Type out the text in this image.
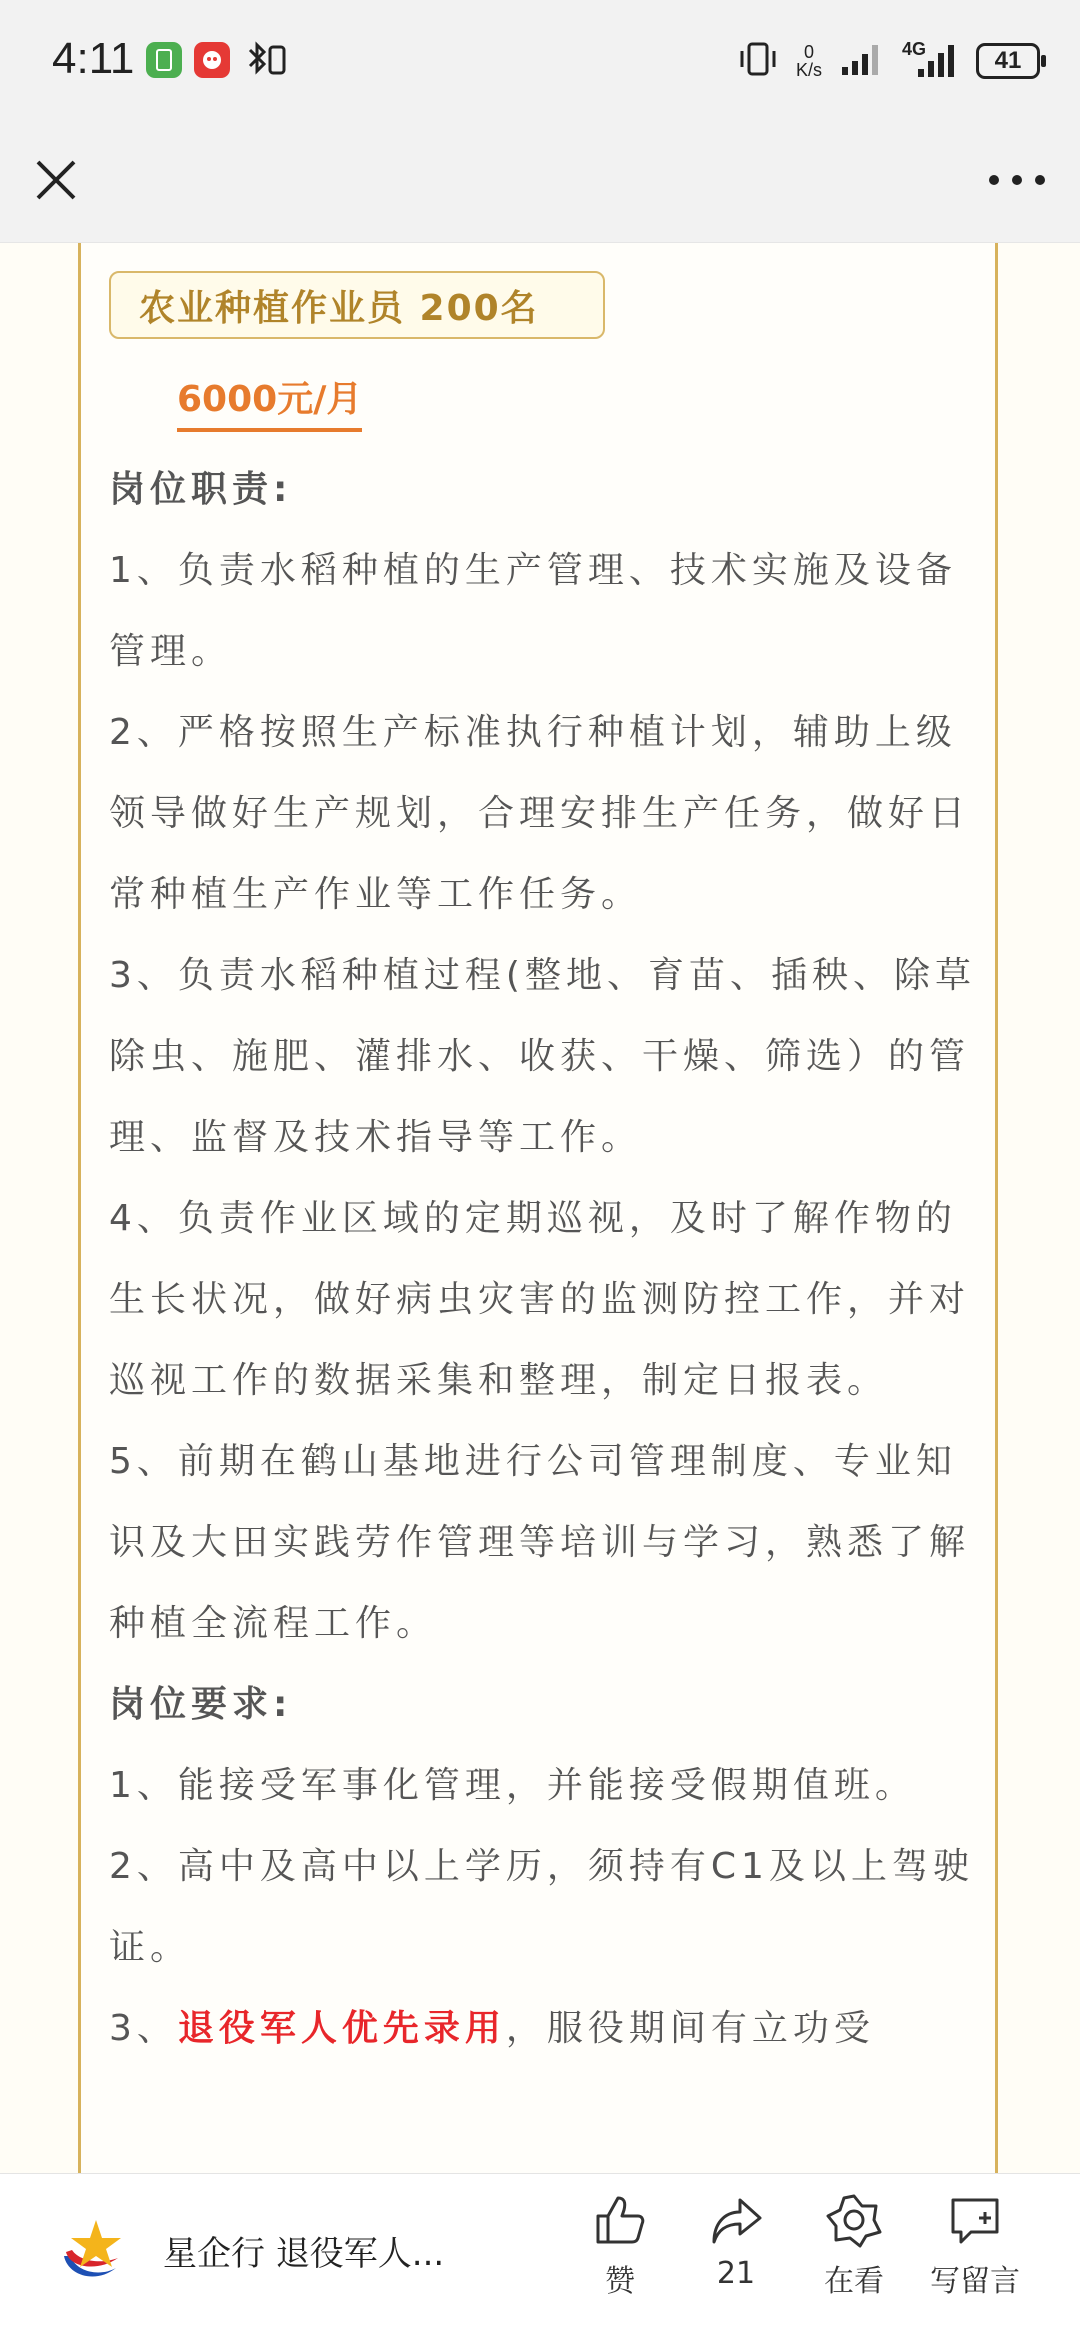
4:11	0
K/s
4G	41
农业种植作业员 200名
6000元/月

岗位职责:

1、负责水稻种植的生产管理、技术实施及设备管理。

2、严格按照生产标准执行种植计划，辅助上级领导做好生产规划，合理安排生产任务，做好日常种植生产作业等工作任务。

3、负责水稻种植过程(整地、育苗、插秧、除草除虫、施肥、灌排水、收获、干燥、筛选）的管理、监督及技术指导等工作。

4、负责作业区域的定期巡视，及时了解作物的生长状况，做好病虫灾害的监测防控工作，并对巡视工作的数据采集和整理，制定日报表。

5、前期在鹤山基地进行公司管理制度、专业知识及大田实践劳作管理等培训与学习，熟悉了解种植全流程工作。

岗位要求:

1、能接受军事化管理，并能接受假期值班。

2、高中及高中以上学历，须持有C1及以上驾驶证。

3、退役军人优先录用，服役期间有立功受

星企行 退役军人...
赞	21	在看	写留言
